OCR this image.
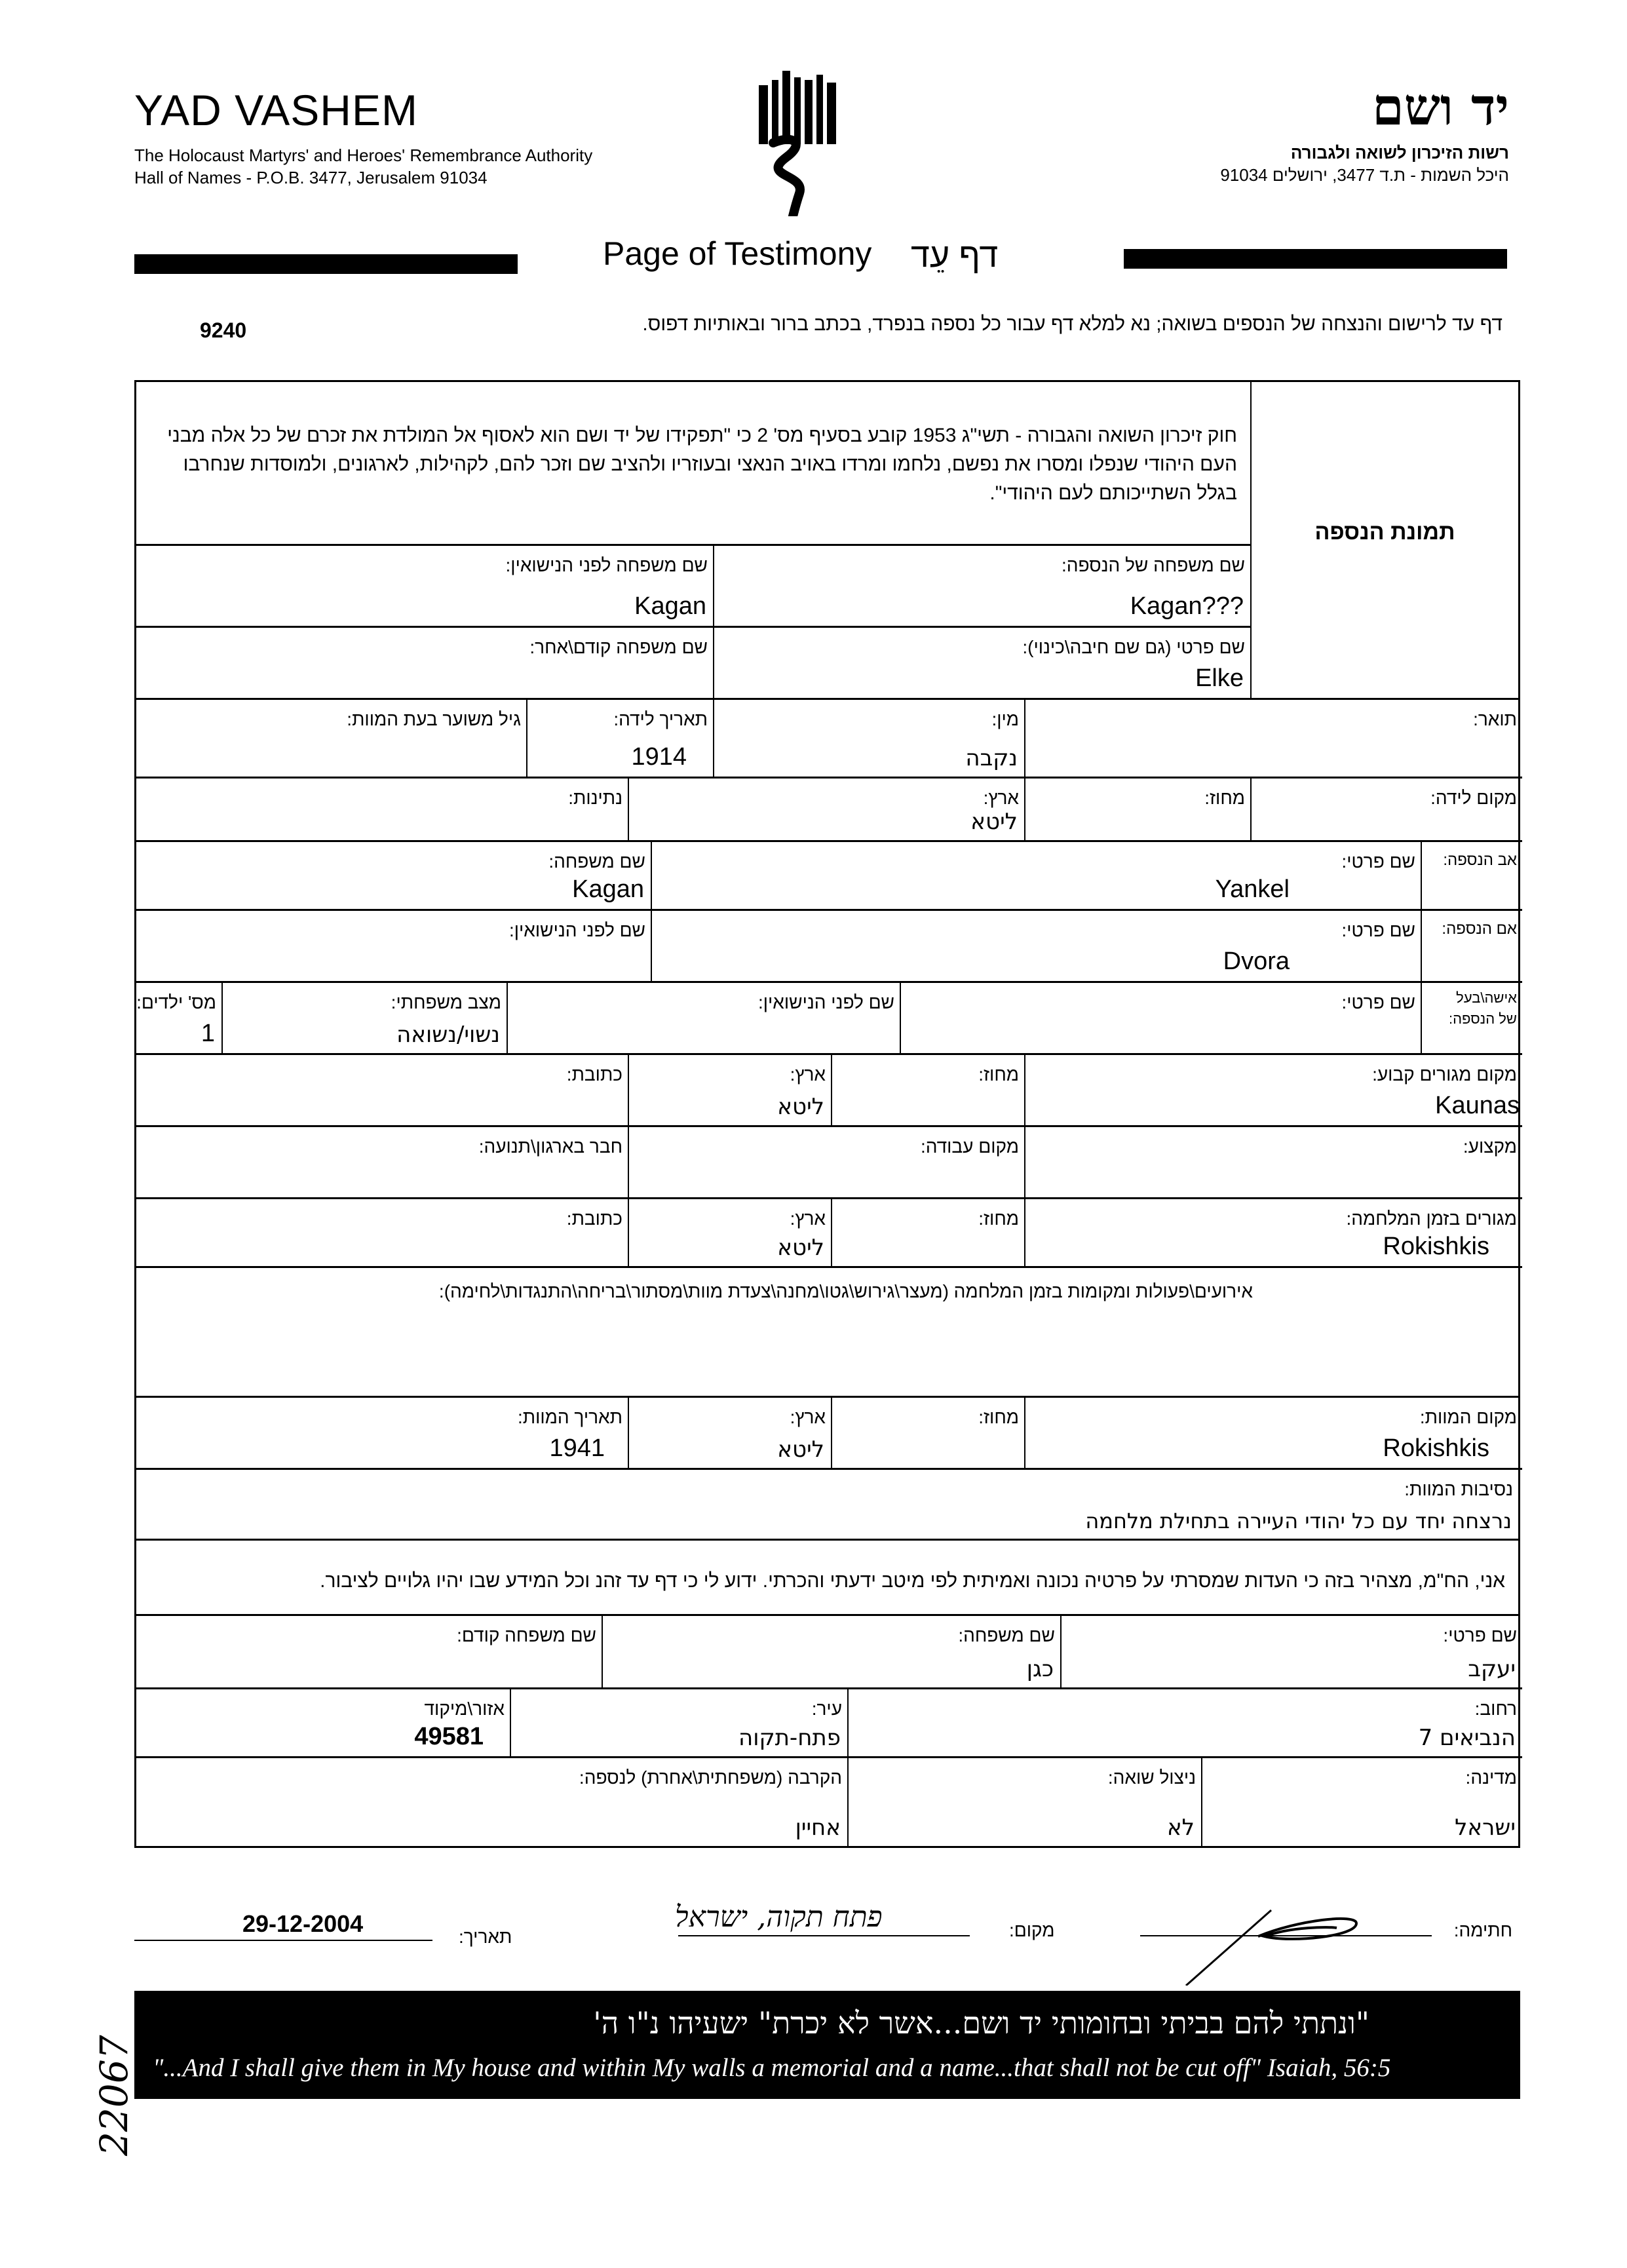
YAD VASHEM
The Holocaust Martyrs' and Heroes' Remembrance Authority
Hall of Names - P.O.B. 3477, Jerusalem 91034
יד ושם
רשות הזיכרון לשואה ולגבורה
היכל השמות - ת.ד 3477, ירושלים 91034
Page of Testimony דף עֵד
דף עד לרישום והנצחה של הנספים בשואה; נא למלא דף עבור כל נספה בנפרד, בכתב ברור ובאותיות דפוס.
9240
חוק זיכרון השואה והגבורה - תשי"ג 1953 קובע בסעיף מס' 2 כי "תפקידו של יד ושם הוא לאסוף אל המולדת את זכרם של כל אלה מבני העם היהודי שנפלו ומסרו את נפשם, נלחמו ומרדו באויב הנאצי ובעוזריו ולהציב שם וזכר להם, לקהילות, לארגונים, ולמוסדות שנחרבו בגלל השתייכותם לעם היהודי".
תמונת הנספה
שם משפחה של הנספה:
???Kagan
שם משפחה לפני הנישואין:
Kagan
שם פרטי (גם שם חיבה\כינוי):
Elke
שם משפחה קודם\אחר:
תואר:
מין:
נקבה
תאריך לידה:
1914
גיל משוער בעת המוות:
מקום לידה:
מחוז:
ארץ:
ליטא
נתינות:
אב הנספה:
שם פרטי:
Yankel
שם משפחה:
Kagan
אם הנספה:
שם פרטי:
Dvora
שם לפני הנישואין:
אישה\בעל
של הנספה:
שם פרטי:
שם לפני הנישואין:
מצב משפחתי:
נשוי/נשואה
מס' ילדים:
1
מקום מגורים קבוע:
Kaunas
מחוז:
ארץ:
ליטא
כתובת:
מקצוע:
מקום עבודה:
חבר בארגון\תנועה:
מגורים בזמן המלחמה:
Rokishkis
מחוז:
ארץ:
ליטא
כתובת:
אירועים\פעולות ומקומות בזמן המלחמה (מעצר\גירוש\גטו\מחנה\צעדת מוות\מסתור\בריחה\התנגדות\לחימה):
מקום המוות:
Rokishkis
מחוז:
ארץ:
ליטא
תאריך המוות:
1941
נסיבות המוות:
נרצחה יחד עם כל יהודי העיירה בתחילת מלחמה
אני, הח"מ, מצהיר בזה כי העדות שמסרתי על פרטיה נכונה ואמיתית לפי מיטב ידעתי והכרתי. ידוע לי כי דף עד זהנ וכל המידע שבו יהיו גלויים לציבור.
שם פרטי:
יעקב
שם משפחה:
כגן
שם משפחה קודם:
רחוב:
הנביאים 7
עיר:
פתח-תקוה
אזור\מיקוד
49581
מדינה:
ישראל
ניצול שואה:
לא
הקרבה (משפחתית\אחרת) לנספה:
אחיין
חתימה:
מקום:
פתח תקוה, ישראל
תאריך:
29-12-2004
"ונתתי להם בביתי ובחומותי יד ושם...אשר לא יכרת" ישעיהו נ"ו ה'
"...And I shall give them in My house and within My walls a memorial and a name...that shall not be cut off" Isaiah, 56:5
22067
